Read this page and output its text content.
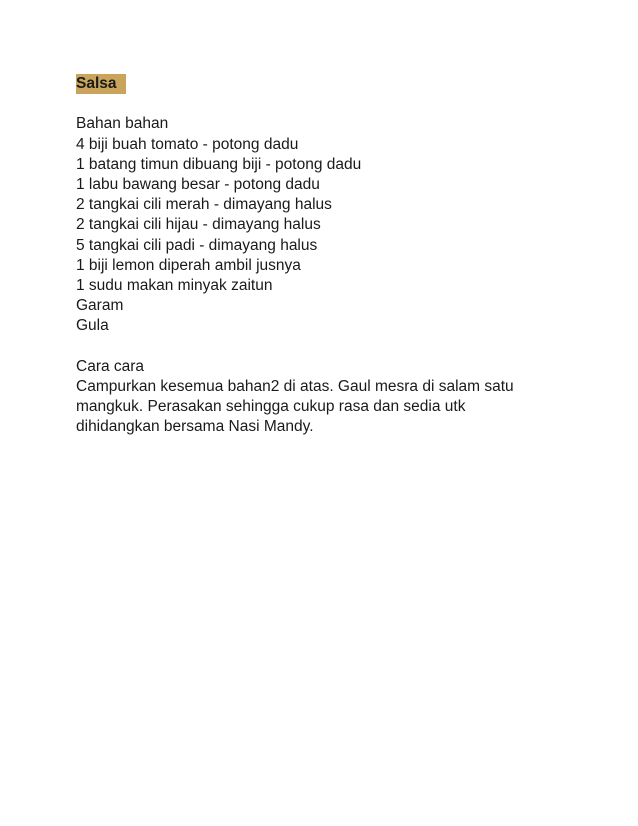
Salsa
Bahan bahan
4 biji buah tomato - potong dadu
1 batang timun dibuang biji - potong dadu
1 labu bawang besar - potong dadu
2 tangkai cili merah - dimayang halus
2 tangkai cili hijau - dimayang halus
5 tangkai cili padi - dimayang halus
1 biji lemon diperah ambil jusnya
1 sudu makan minyak zaitun
Garam
Gula
Cara cara
Campurkan kesemua bahan2 di atas. Gaul mesra di salam satu
mangkuk. Perasakan sehingga cukup rasa dan sedia utk
dihidangkan bersama Nasi Mandy.
